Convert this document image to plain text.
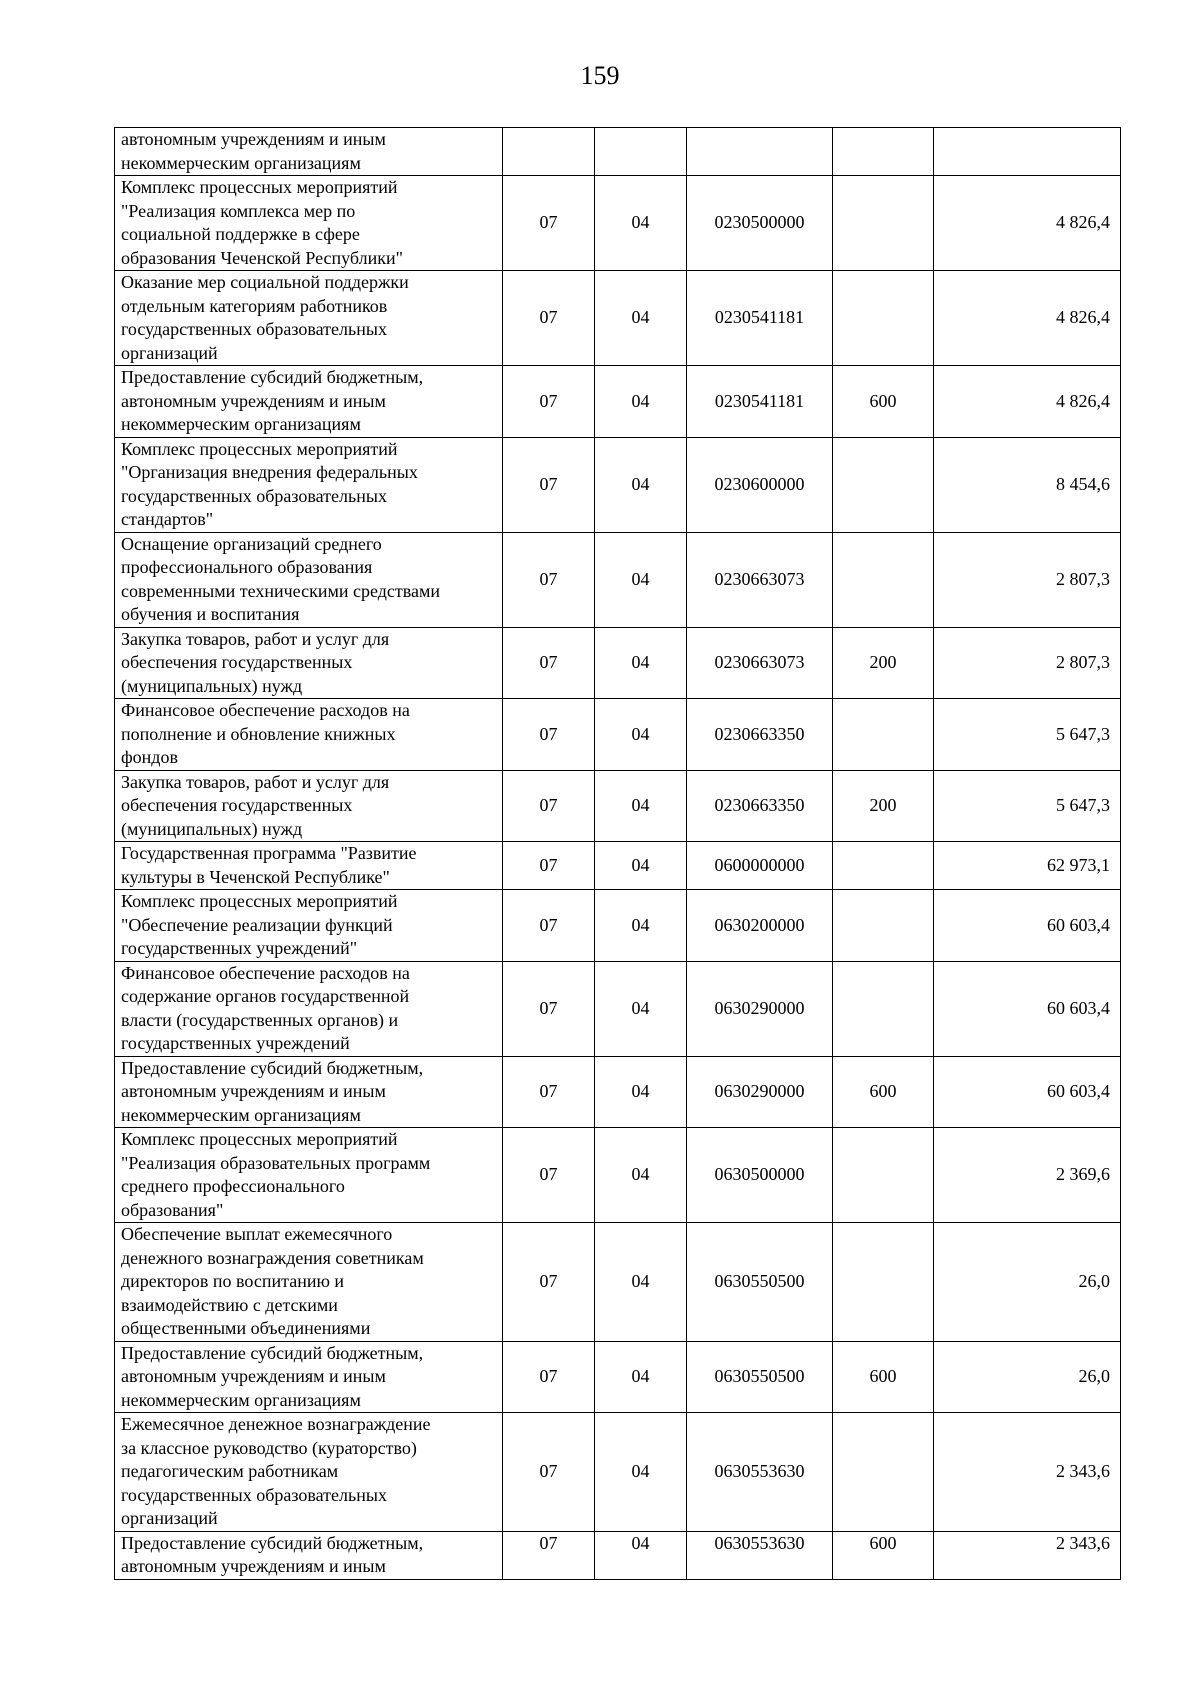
159
автономным учреждениям и иным
некоммерческим организациям					

Комплекс процессных мероприятий
"Реализация комплекса мер по
социальной поддержке в сфере
образования Чеченской Республики"	07	04	0230500000		4 826,4

Оказание мер социальной поддержки
отдельным категориям работников
государственных образовательных
организаций	07	04	0230541181		4 826,4

Предоставление субсидий бюджетным,
автономным учреждениям и иным
некоммерческим организациям	07	04	0230541181	600	4 826,4

Комплекс процессных мероприятий
"Организация внедрения федеральных
государственных образовательных
стандартов"	07	04	0230600000		8 454,6

Оснащение организаций среднего
профессионального образования
современными техническими средствами
обучения и воспитания	07	04	0230663073		2 807,3

Закупка товаров, работ и услуг для
обеспечения государственных
(муниципальных) нужд	07	04	0230663073	200	2 807,3

Финансовое обеспечение расходов на
пополнение и обновление книжных
фондов	07	04	0230663350		5 647,3

Закупка товаров, работ и услуг для
обеспечения государственных
(муниципальных) нужд	07	04	0230663350	200	5 647,3

Государственная программа "Развитие
культуры в Чеченской Республике"	07	04	0600000000		62 973,1

Комплекс процессных мероприятий
"Обеспечение реализации функций
государственных учреждений"	07	04	0630200000		60 603,4

Финансовое обеспечение расходов на
содержание органов государственной
власти (государственных органов) и
государственных учреждений	07	04	0630290000		60 603,4

Предоставление субсидий бюджетным,
автономным учреждениям и иным
некоммерческим организациям	07	04	0630290000	600	60 603,4

Комплекс процессных мероприятий
"Реализация образовательных программ
среднего профессионального
образования"	07	04	0630500000		2 369,6

Обеспечение выплат ежемесячного
денежного вознаграждения советникам
директоров по воспитанию и
взаимодействию с детскими
общественными объединениями	07	04	0630550500		26,0

Предоставление субсидий бюджетным,
автономным учреждениям и иным
некоммерческим организациям	07	04	0630550500	600	26,0

Ежемесячное денежное вознаграждение
за классное руководство (кураторство)
педагогическим работникам
государственных образовательных
организаций	07	04	0630553630		2 343,6

Предоставление субсидий бюджетным,
автономным учреждениям и иным	07	04	0630553630	600	2 343,6
